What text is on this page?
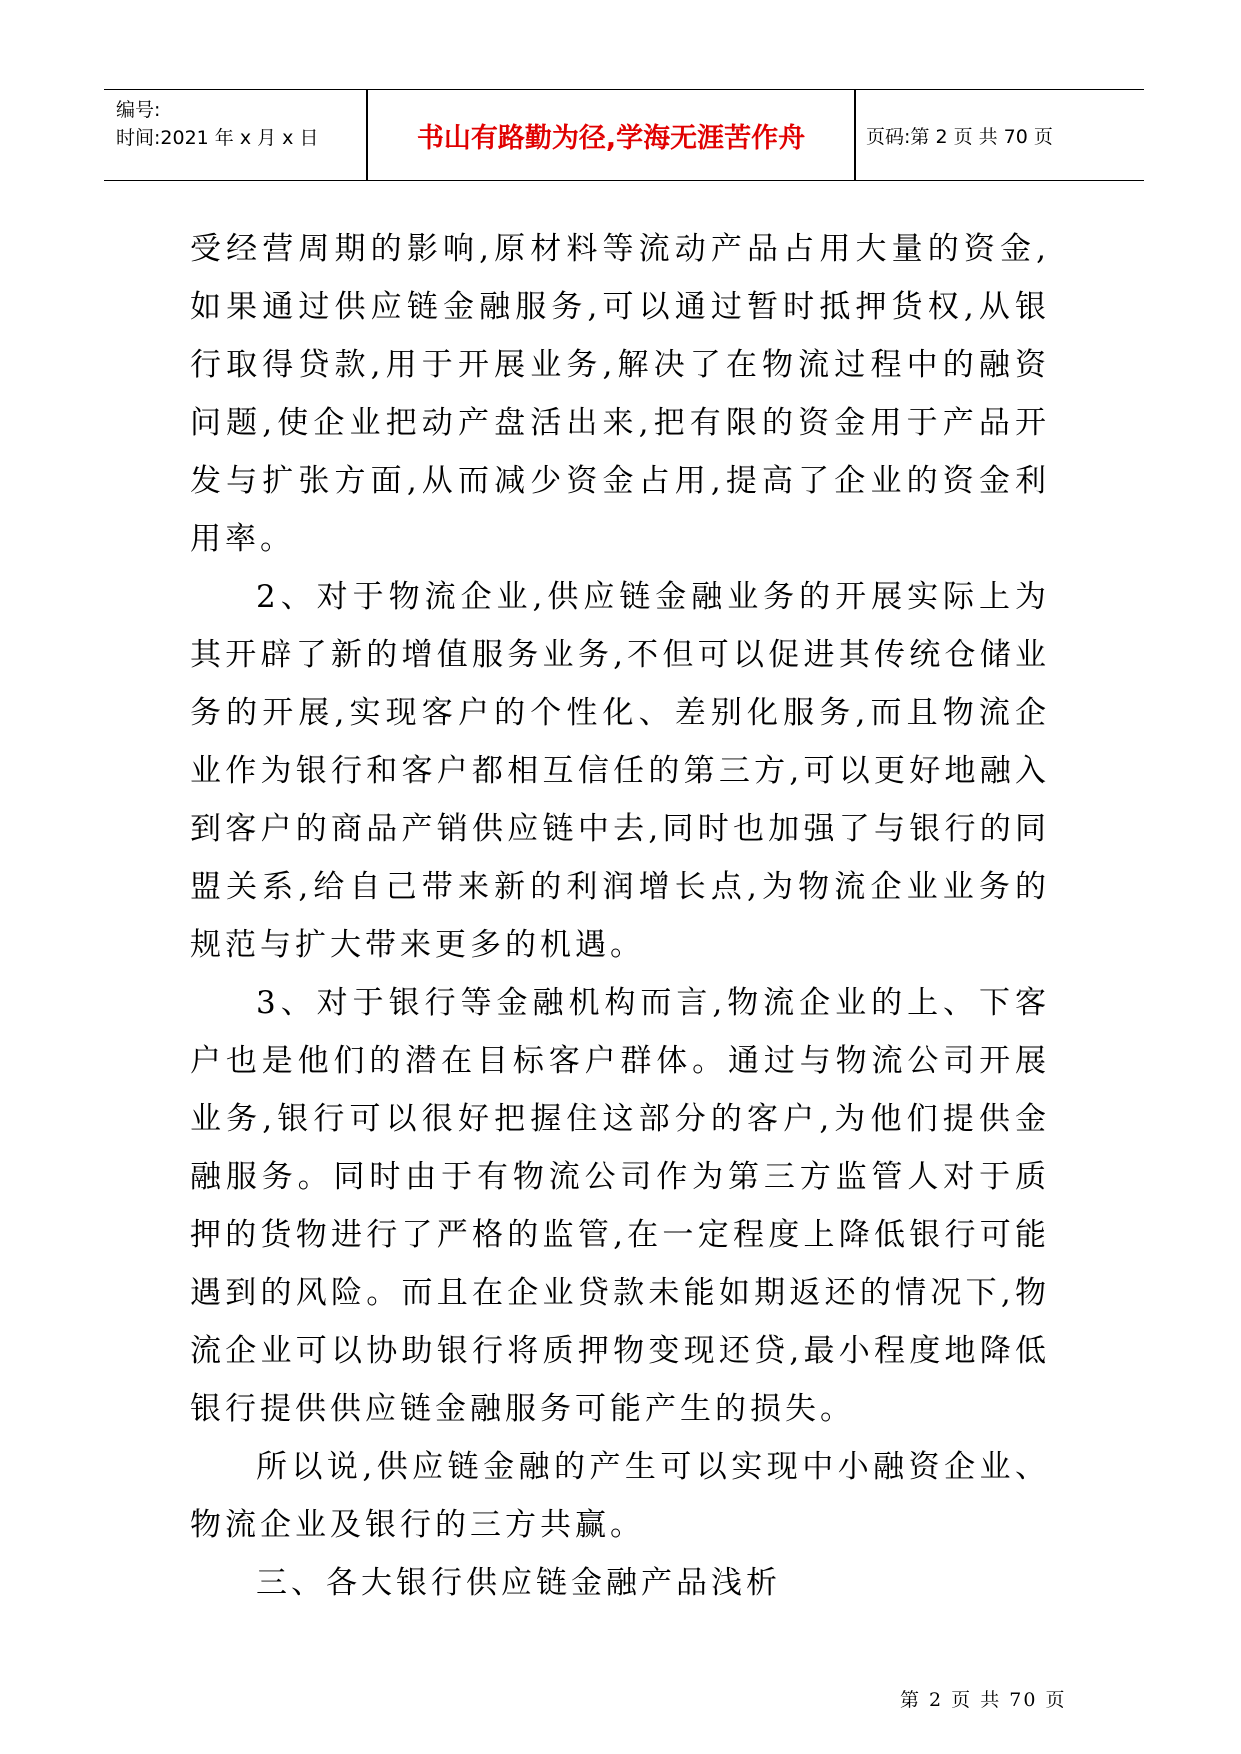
编号:
时间:2021 年 x 月 x 日	书山有路勤为径,学海无涯苦作舟	页码:第 2 页 共 70 页

受经营周期的影响,原材料等流动产品占用大量的资金,如果通过供应链金融服务,可以通过暂时抵押货权,从银行取得贷款,用于开展业务,解决了在物流过程中的融资问题,使企业把动产盘活出来,把有限的资金用于产品开发与扩张方面,从而减少资金占用,提高了企业的资金利用率。

2、对于物流企业,供应链金融业务的开展实际上为其开辟了新的增值服务业务,不但可以促进其传统仓储业务的开展,实现客户的个性化、差别化服务,而且物流企业作为银行和客户都相互信任的第三方,可以更好地融入到客户的商品产销供应链中去,同时也加强了与银行的同盟关系,给自己带来新的利润增长点,为物流企业业务的规范与扩大带来更多的机遇。

3、对于银行等金融机构而言,物流企业的上、下客户也是他们的潜在目标客户群体。通过与物流公司开展业务,银行可以很好把握住这部分的客户,为他们提供金融服务。同时由于有物流公司作为第三方监管人对于质押的货物进行了严格的监管,在一定程度上降低银行可能遇到的风险。而且在企业贷款未能如期返还的情况下,物流企业可以协助银行将质押物变现还贷,最小程度地降低银行提供供应链金融服务可能产生的损失。

所以说,供应链金融的产生可以实现中小融资企业、物流企业及银行的三方共赢。

三、各大银行供应链金融产品浅析

第 2 页 共 70 页
